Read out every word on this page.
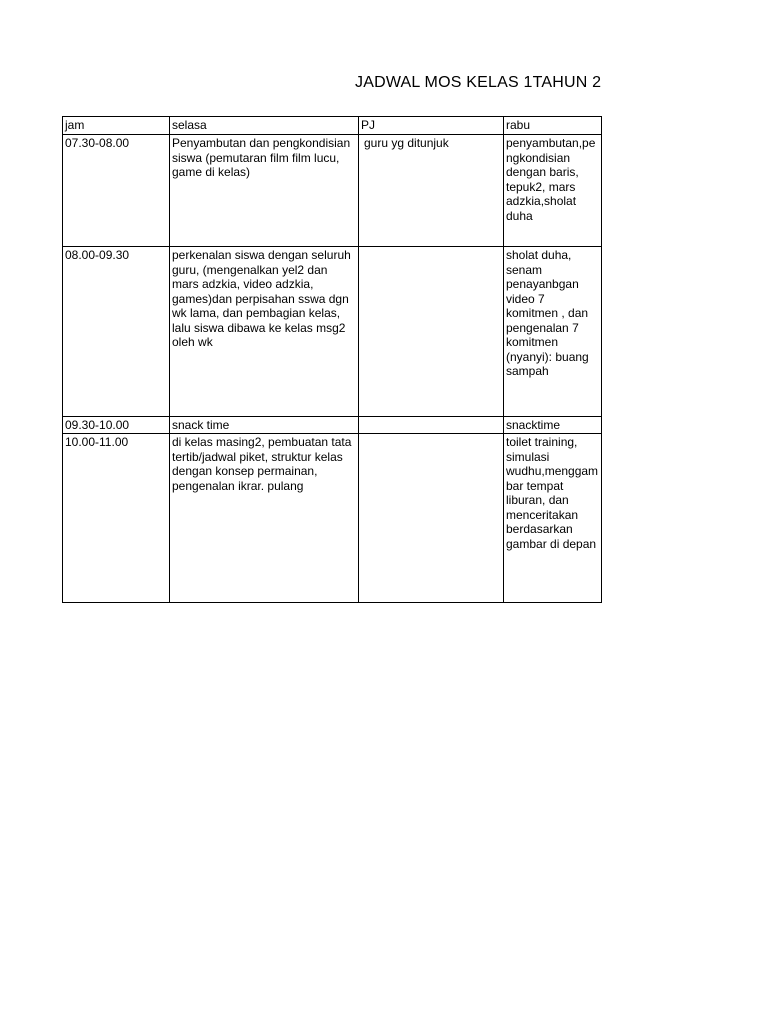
JADWAL MOS KELAS 1TAHUN 2
jam	selasa	PJ	rabu
07.30-08.00	Penyambutan dan pengkondisian siswa (pemutaran film film lucu, game di kelas)	guru yg ditunjuk	penyambutan,pengkondisian dengan baris, tepuk2, mars adzkia,sholat duha
08.00-09.30	perkenalan siswa dengan seluruh guru, (mengenalkan yel2 dan mars adzkia, video adzkia, games)dan perpisahan sswa dgn wk lama, dan pembagian kelas, lalu siswa dibawa ke kelas msg2 oleh wk		sholat duha, senam penayanbgan video 7 komitmen , dan pengenalan 7 komitmen (nyanyi): buang sampah
09.30-10.00	snack time		snacktime
10.00-11.00	di kelas masing2, pembuatan tata tertib/jadwal piket, struktur kelas dengan konsep permainan, pengenalan ikrar. pulang		toilet training, simulasi wudhu,menggambar tempat liburan, dan menceritakan berdasarkan gambar di depan
